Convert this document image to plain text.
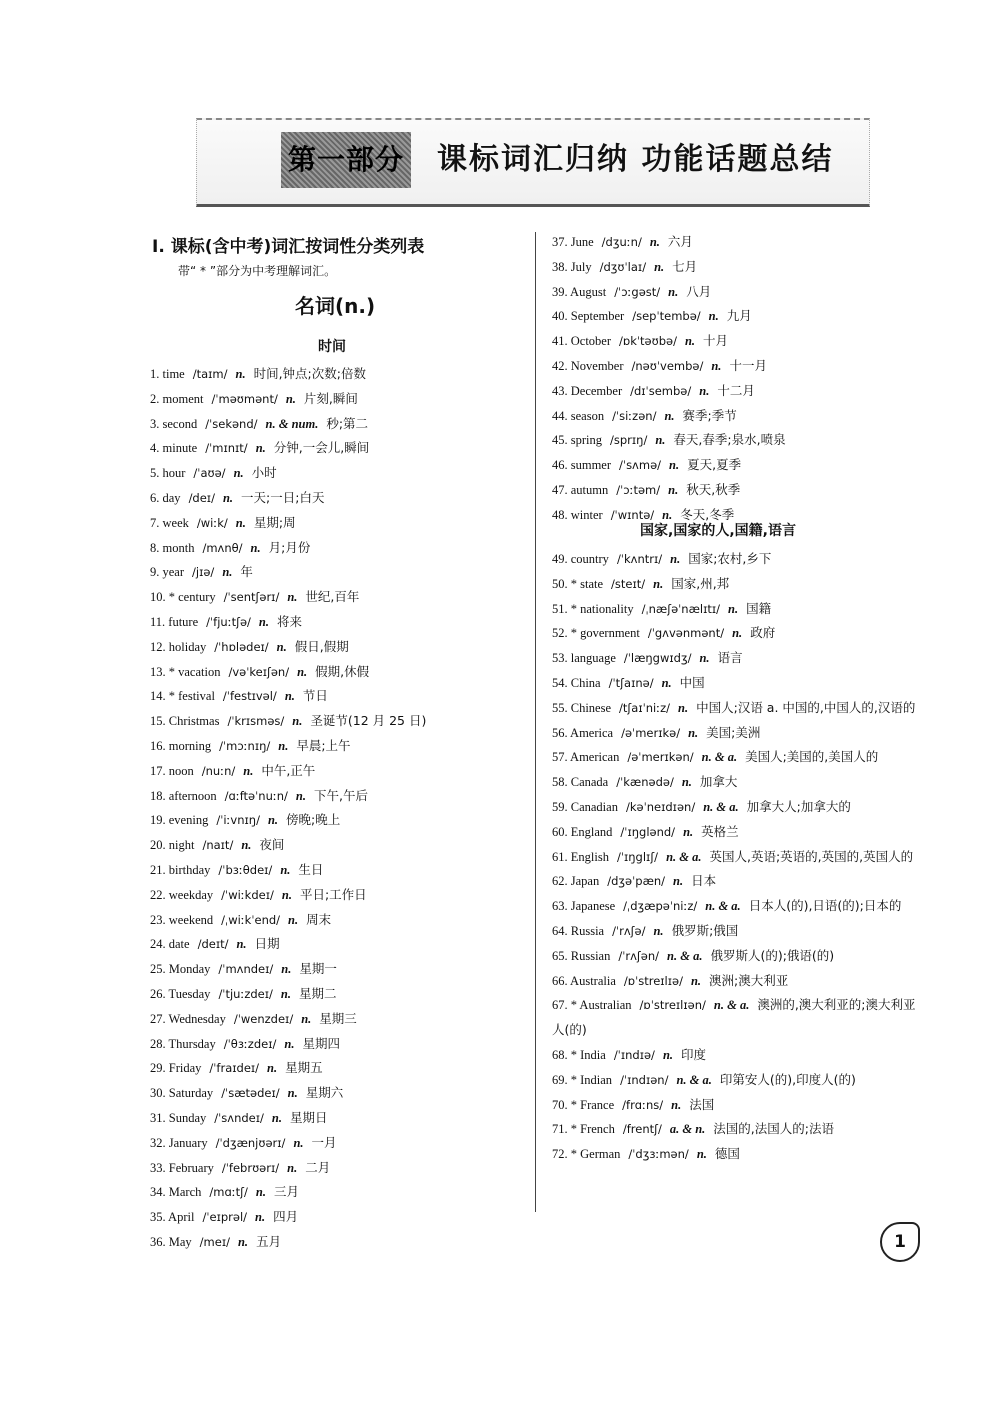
第一部分 课标词汇归纳 功能话题总结
Ⅰ. 课标(含中考)词汇按词性分类列表
带“ * ”部分为中考理解词汇。
名词(n.)
时间
1. time /taɪm/ n. 时间,钟点;次数;倍数
2. moment /ˈməʊmənt/ n. 片刻,瞬间
3. second /ˈsekənd/ n. & num. 秒;第二
4. minute /ˈmɪnɪt/ n. 分钟,一会儿,瞬间
5. hour /ˈaʊə/ n. 小时
6. day /deɪ/ n. 一天;一日;白天
7. week /wiːk/ n. 星期;周
8. month /mʌnθ/ n. 月;月份
9. year /jɪə/ n. 年
10. * century /ˈsentʃərɪ/ n. 世纪,百年
11. future /ˈfjuːtʃə/ n. 将来
12. holiday /ˈhɒlədeɪ/ n. 假日,假期
13. * vacation /vəˈkeɪʃən/ n. 假期,休假
14. * festival /ˈfestɪvəl/ n. 节日
15. Christmas /ˈkrɪsməs/ n. 圣诞节(12 月 25 日)
16. morning /ˈmɔːnɪŋ/ n. 早晨;上午
17. noon /nuːn/ n. 中午,正午
18. afternoon /ɑːftəˈnuːn/ n. 下午,午后
19. evening /ˈiːvnɪŋ/ n. 傍晚;晚上
20. night /naɪt/ n. 夜间
21. birthday /ˈbɜːθdeɪ/ n. 生日
22. weekday /ˈwiːkdeɪ/ n. 平日;工作日
23. weekend /ˌwiːkˈend/ n. 周末
24. date /deɪt/ n. 日期
25. Monday /ˈmʌndeɪ/ n. 星期一
26. Tuesday /ˈtjuːzdeɪ/ n. 星期二
27. Wednesday /ˈwenzdeɪ/ n. 星期三
28. Thursday /ˈθɜːzdeɪ/ n. 星期四
29. Friday /ˈfraɪdeɪ/ n. 星期五
30. Saturday /ˈsætədeɪ/ n. 星期六
31. Sunday /ˈsʌndeɪ/ n. 星期日
32. January /ˈdʒænjʊərɪ/ n. 一月
33. February /ˈfebrʊərɪ/ n. 二月
34. March /mɑːtʃ/ n. 三月
35. April /ˈeɪprəl/ n. 四月
36. May /meɪ/ n. 五月
37. June /dʒuːn/ n. 六月
38. July /dʒʊˈlaɪ/ n. 七月
39. August /ˈɔːgəst/ n. 八月
40. September /sepˈtembə/ n. 九月
41. October /ɒkˈtəʊbə/ n. 十月
42. November /nəʊˈvembə/ n. 十一月
43. December /dɪˈsembə/ n. 十二月
44. season /ˈsiːzən/ n. 赛季;季节
45. spring /sprɪŋ/ n. 春天,春季;泉水,喷泉
46. summer /ˈsʌmə/ n. 夏天,夏季
47. autumn /ˈɔːtəm/ n. 秋天,秋季
48. winter /ˈwɪntə/ n. 冬天,冬季
国家,国家的人,国籍,语言
49. country /ˈkʌntrɪ/ n. 国家;农村,乡下
50. * state /steɪt/ n. 国家,州,邦
51. * nationality /ˌnæʃəˈnælɪtɪ/ n. 国籍
52. * government /ˈgʌvənmənt/ n. 政府
53. language /ˈlæŋgwɪdʒ/ n. 语言
54. China /ˈtʃaɪnə/ n. 中国
55. Chinese /tʃaɪˈniːz/ n. 中国人;汉语 a. 中国的,中国人的,汉语的
56. America /əˈmerɪkə/ n. 美国;美洲
57. American /əˈmerɪkən/ n. & a. 美国人;美国的,美国人的
58. Canada /ˈkænədə/ n. 加拿大
59. Canadian /kəˈneɪdɪən/ n. & a. 加拿大人;加拿大的
60. England /ˈɪŋglənd/ n. 英格兰
61. English /ˈɪŋglɪʃ/ n. & a. 英国人,英语;英语的,英国的,英国人的
62. Japan /dʒəˈpæn/ n. 日本
63. Japanese /ˌdʒæpəˈniːz/ n. & a. 日本人(的),日语(的);日本的
64. Russia /ˈrʌʃə/ n. 俄罗斯;俄国
65. Russian /ˈrʌʃən/ n. & a. 俄罗斯人(的);俄语(的)
66. Australia /ɒˈstreɪlɪə/ n. 澳洲;澳大利亚
67. * Australian /ɒˈstreɪlɪən/ n. & a. 澳洲的,澳大利亚的;澳大利亚人(的)
68. * India /ˈɪndɪə/ n. 印度
69. * Indian /ˈɪndɪən/ n. & a. 印第安人(的),印度人(的)
70. * France /frɑːns/ n. 法国
71. * French /frentʃ/ a. & n. 法国的,法国人的;法语
72. * German /ˈdʒɜːmən/ n. 德国
1
